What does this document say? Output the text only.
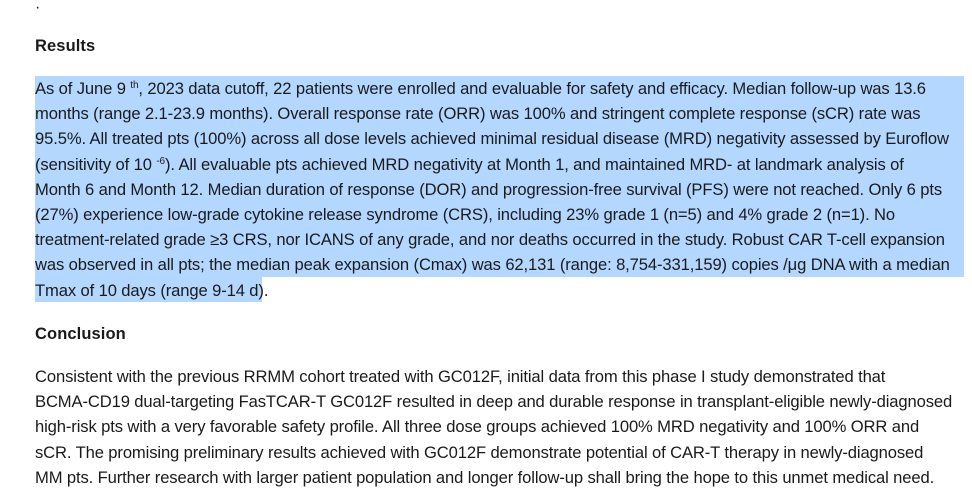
·
Results
As of June 9 $^{th}$, 2023 data cutoff, 22 patients were enrolled and evaluable for safety and efficacy. Median follow-up was 13.6
months (range 2.1-23.9 months). Overall response rate (ORR) was 100% and stringent complete response (sCR) rate was
95.5%. All treated pts (100%) across all dose levels achieved minimal residual disease (MRD) negativity assessed by Euroflow
(sensitivity of 10 $^{-6}$). All evaluable pts achieved MRD negativity at Month 1, and maintained MRD- at landmark analysis of
Month 6 and Month 12. Median duration of response (DOR) and progression-free survival (PFS) were not reached. Only 6 pts
(27%) experience low-grade cytokine release syndrome (CRS), including 23% grade 1 (n=5) and 4% grade 2 (n=1). No
treatment-related grade ≥3 CRS, nor ICANS of any grade, and nor deaths occurred in the study. Robust CAR T-cell expansion
was observed in all pts; the median peak expansion (Cmax) was 62,131 (range: 8,754-331,159) copies /μg DNA with a median
Tmax of 10 days (range 9-14 d).
Conclusion
Consistent with the previous RRMM cohort treated with GC012F, initial data from this phase I study demonstrated that
BCMA-CD19 dual-targeting FasTCAR-T GC012F resulted in deep and durable response in transplant-eligible newly-diagnosed
high-risk pts with a very favorable safety profile. All three dose groups achieved 100% MRD negativity and 100% ORR and
sCR. The promising preliminary results achieved with GC012F demonstrate potential of CAR-T therapy in newly-diagnosed
MM pts. Further research with larger patient population and longer follow-up shall bring the hope to this unmet medical need.
